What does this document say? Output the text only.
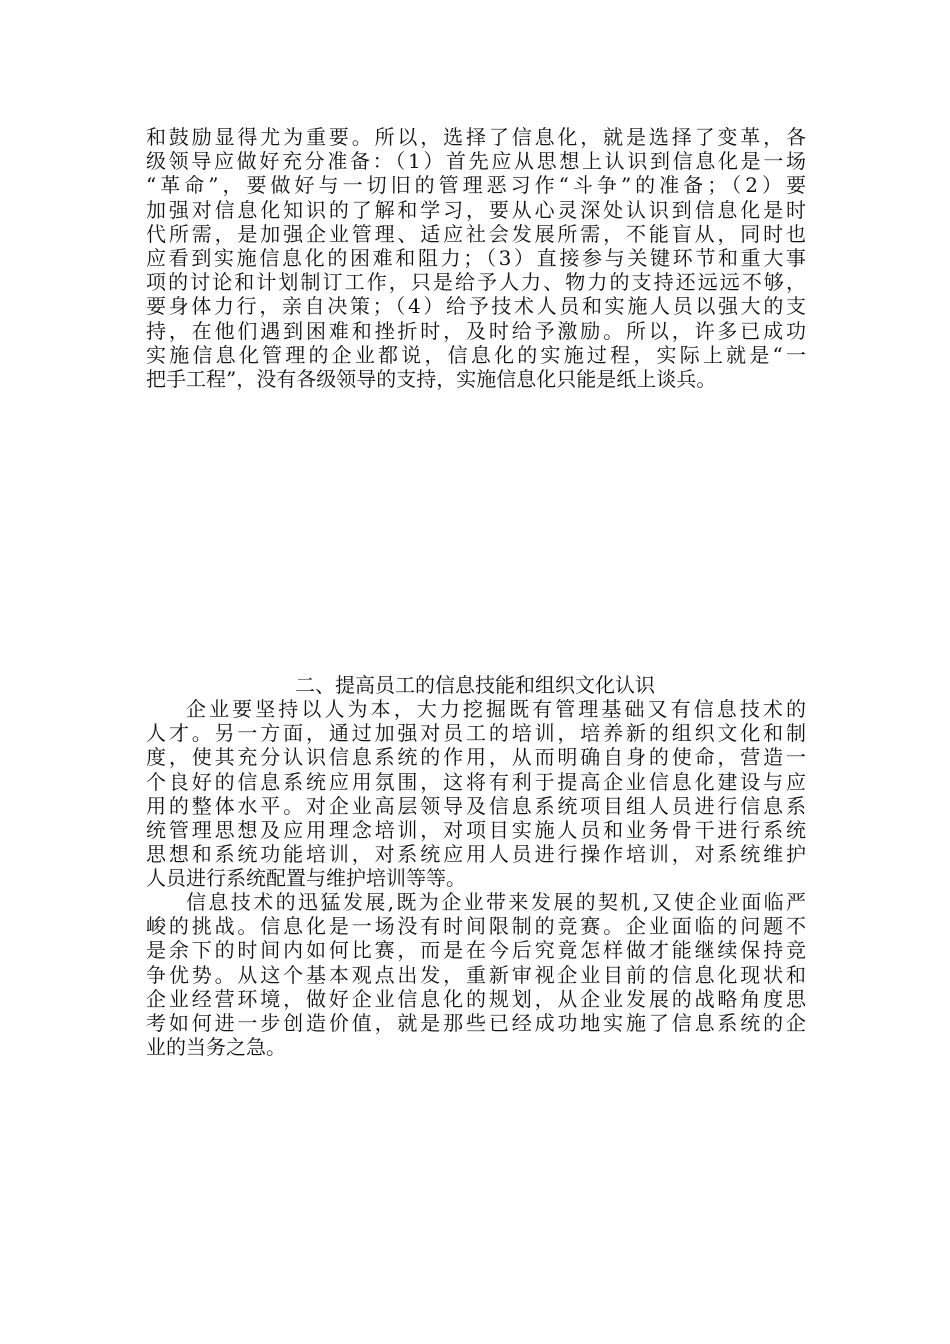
和鼓励显得尤为重要。所以，选择了信息化，就是选择了变革，各
级领导应做好充分准备：（1）首先应从思想上认识到信息化是一场
“革命”，要做好与一切旧的管理恶习作“斗争”的准备；（2）要
加强对信息化知识的了解和学习，要从心灵深处认识到信息化是时
代所需，是加强企业管理、适应社会发展所需，不能盲从，同时也
应看到实施信息化的困难和阻力；（3）直接参与关键环节和重大事
项的讨论和计划制订工作，只是给予人力、物力的支持还远远不够，
要身体力行，亲自决策；（4）给予技术人员和实施人员以强大的支
持，在他们遇到困难和挫折时，及时给予激励。所以，许多已成功
实施信息化管理的企业都说，信息化的实施过程，实际上就是“一
把手工程”，没有各级领导的支持，实施信息化只能是纸上谈兵。
二、提高员工的信息技能和组织文化认识
企业要坚持以人为本，大力挖掘既有管理基础又有信息技术的
人才。另一方面，通过加强对员工的培训，培养新的组织文化和制
度，使其充分认识信息系统的作用，从而明确自身的使命，营造一
个良好的信息系统应用氛围，这将有利于提高企业信息化建设与应
用的整体水平。对企业高层领导及信息系统项目组人员进行信息系
统管理思想及应用理念培训，对项目实施人员和业务骨干进行系统
思想和系统功能培训，对系统应用人员进行操作培训，对系统维护
人员进行系统配置与维护培训等等。
信息技术的迅猛发展,既为企业带来发展的契机,又使企业面临严
峻的挑战。信息化是一场没有时间限制的竞赛。企业面临的问题不
是余下的时间内如何比赛，而是在今后究竟怎样做才能继续保持竞
争优势。从这个基本观点出发，重新审视企业目前的信息化现状和
企业经营环境，做好企业信息化的规划，从企业发展的战略角度思
考如何进一步创造价值，就是那些已经成功地实施了信息系统的企
业的当务之急。
